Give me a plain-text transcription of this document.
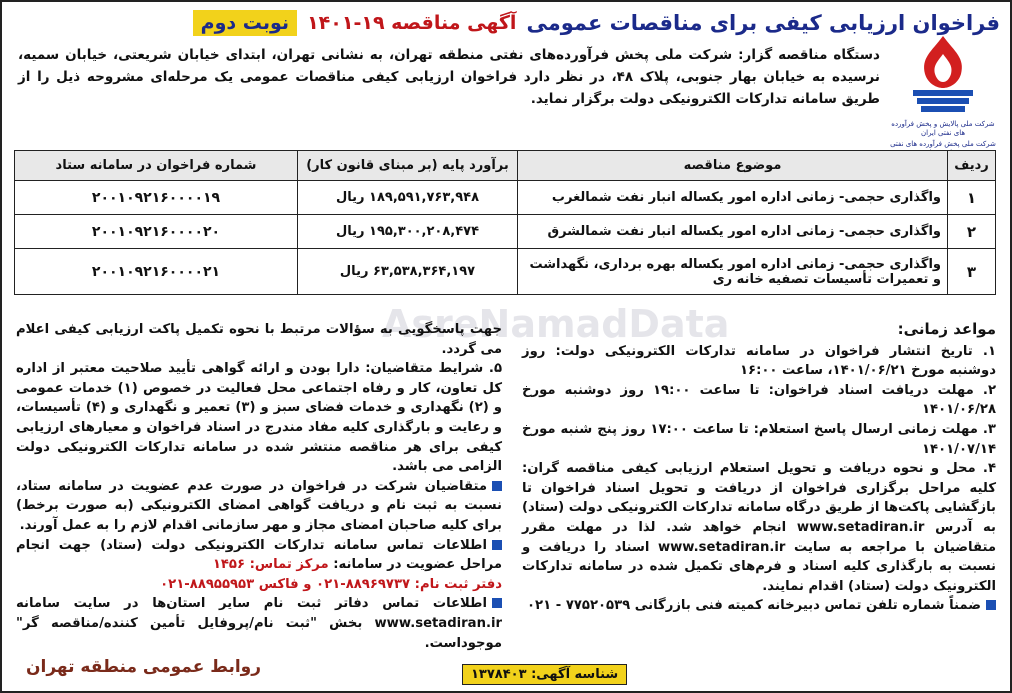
فراخوان ارزیابی کیفی برای مناقصات عمومی
آگهی مناقصه ۱۹-۱۴۰۱
نوبت دوم
شرکت ملی پالایش و پخش فرآورده های نفتی ایران
شرکت ملی پخش فرآورده های نفتی
دستگاه مناقصه گزار: شرکت ملی پخش فرآورده‌های نفتی منطقه تهران، به نشانی تهران، ابتدای خیابان شریعتی، خیابان سمیه، نرسیده به خیابان بهار جنوبی، پلاک ۴۸، در نظر دارد فراخوان ارزیابی کیفی مناقصات عمومی یک مرحله‌ای مشروحه ذیل را از طریق سامانه تدارکات الکترونیکی دولت برگزار نماید.
AsreNamadData
ردیف	موضوع مناقصه	برآورد پایه (بر مبنای قانون کار)	شماره فراخوان در سامانه ستاد
۱	واگذاری حجمی- زمانی اداره امور یکساله انبار نفت شمالغرب	۱۸۹,۵۹۱,۷۶۳,۹۴۸ ریال	۲۰۰۱۰۹۲۱۶۰۰۰۰۱۹
۲	واگذاری حجمی- زمانی اداره امور یکساله انبار نفت شمالشرق	۱۹۵,۳۰۰,۲۰۸,۴۷۴ ریال	۲۰۰۱۰۹۲۱۶۰۰۰۰۲۰
۳	واگذاری حجمی- زمانی اداره امور یکساله بهره برداری، نگهداشت و تعمیرات تأسیسات تصفیه خانه ری	۶۳,۵۳۸,۳۶۴,۱۹۷ ریال	۲۰۰۱۰۹۲۱۶۰۰۰۰۲۱
مواعد زمانی:
۱. تاریخ انتشار فراخوان در سامانه تدارکات الکترونیکی دولت: روز دوشنبه مورخ ۱۴۰۱/۰۶/۲۱، ساعت ۱۶:۰۰
۲. مهلت دریافت اسناد فراخوان: تا ساعت ۱۹:۰۰ روز دوشنبه مورخ ۱۴۰۱/۰۶/۲۸
۳. مهلت زمانی ارسال پاسخ استعلام: تا ساعت ۱۷:۰۰ روز پنج شنبه مورخ ۱۴۰۱/۰۷/۱۴
۴. محل و نحوه دریافت و تحویل استعلام ارزیابی کیفی مناقصه گران: کلیه مراحل برگزاری فراخوان از دریافت و تحویل اسناد فراخوان تا بازگشایی پاکت‌ها از طریق درگاه سامانه تدارکات الکترونیکی دولت (ستاد) به آدرس www.setadiran.ir انجام خواهد شد. لذا در مهلت مقرر متقاضیان با مراجعه به سایت www.setadiran.ir اسناد را دریافت و نسبت به بارگذاری کلیه اسناد و فرم‌های تکمیل شده در سامانه تدارکات الکترونیک دولت (ستاد) اقدام نمایند.
ضمناً شماره تلفن تماس دبیرخانه کمیته فنی بازرگانی ۷۷۵۲۰۵۳۹ - ۰۲۱
جهت پاسخگویی به سؤالات مرتبط با نحوه تکمیل پاکت ارزیابی کیفی اعلام می گردد.
۵. شرایط متقاضیان: دارا بودن و ارائه گواهی تأیید صلاحیت معتبر از اداره کل تعاون، کار و رفاه اجتماعی محل فعالیت در خصوص (۱) خدمات عمومی و (۲) نگهداری و خدمات فضای سبز و (۳) تعمیر و نگهداری و (۴) تأسیسات، و رعایت و بارگذاری کلیه مفاد مندرج در اسناد فراخوان و معیارهای ارزیابی کیفی برای هر مناقصه منتشر شده در سامانه تدارکات الکترونیکی دولت الزامی می باشد.
متقاضیان شرکت در فراخوان در صورت عدم عضویت در سامانه ستاد، نسبت به ثبت نام و دریافت گواهی امضای الکترونیکی (به صورت برخط) برای کلیه صاحبان امضای مجاز و مهر سازمانی اقدام لازم را به عمل آورند.
اطلاعات تماس سامانه تدارکات الکترونیکی دولت (ستاد) جهت انجام مراحل عضویت در سامانه: مرکز تماس: ۱۴۵۶
دفتر ثبت نام: ۸۸۹۶۹۷۳۷-۰۲۱ و فاکس ۸۸۹۵۵۹۵۳-۰۲۱
اطلاعات تماس دفاتر ثبت نام سایر استان‌ها در سایت سامانه www.setadiran.ir بخش "ثبت نام/پروفایل تأمین کننده/مناقصه گر" موجوداست.
روابط عمومی منطقه تهران	شناسه آگهی: ۱۳۷۸۴۰۳
